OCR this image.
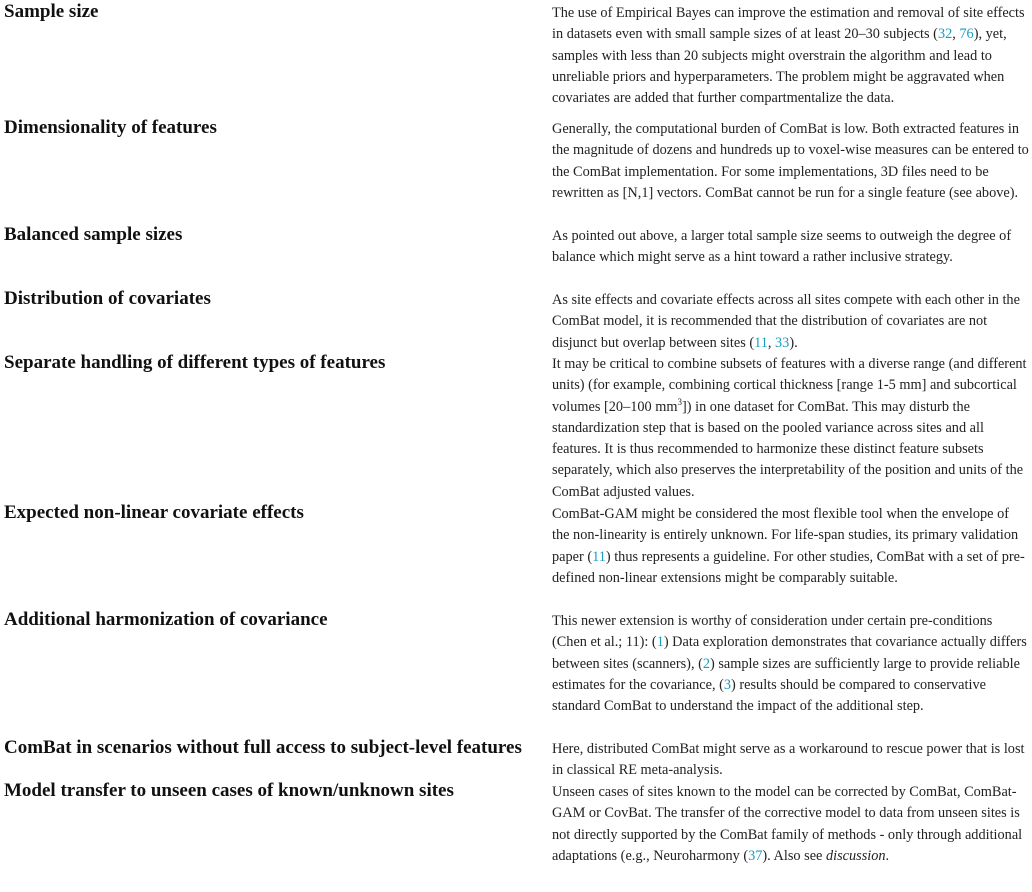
Sample size	The use of Empirical Bayes can improve the estimation and removal of site effects in datasets even with small sample sizes of at least 20–30 subjects (32, 76), yet, samples with less than 20 subjects might overstrain the algorithm and lead to unreliable priors and hyperparameters. The problem might be aggravated when covariates are added that further compartmentalize the data.
Dimensionality of features	Generally, the computational burden of ComBat is low. Both extracted features in the magnitude of dozens and hundreds up to voxel-wise measures can be entered to the ComBat implementation. For some implementations, 3D files need to be rewritten as [N,1] vectors. ComBat cannot be run for a single feature (see above).
Balanced sample sizes	As pointed out above, a larger total sample size seems to outweigh the degree of balance which might serve as a hint toward a rather inclusive strategy.
Distribution of covariates	As site effects and covariate effects across all sites compete with each other in the ComBat model, it is recommended that the distribution of covariates are not disjunct but overlap between sites (11, 33).
Separate handling of different types of features	It may be critical to combine subsets of features with a diverse range (and different units) (for example, combining cortical thickness [range 1-5 mm] and subcortical volumes [20–100 $mm^3$]) in one dataset for ComBat. This may disturb the standardization step that is based on the pooled variance across sites and all features. It is thus recommended to harmonize these distinct feature subsets separately, which also preserves the interpretability of the position and units of the ComBat adjusted values.
Expected non-linear covariate effects	ComBat-GAM might be considered the most flexible tool when the envelope of the non-linearity is entirely unknown. For life-span studies, its primary validation paper (11) thus represents a guideline. For other studies, ComBat with a set of pre-defined non-linear extensions might be comparably suitable.
Additional harmonization of covariance	This newer extension is worthy of consideration under certain pre-conditions (Chen et al.; 11): (1) Data exploration demonstrates that covariance actually differs between sites (scanners), (2) sample sizes are sufficiently large to provide reliable estimates for the covariance, (3) results should be compared to conservative standard ComBat to understand the impact of the additional step.
ComBat in scenarios without full access to subject-level features	Here, distributed ComBat might serve as a workaround to rescue power that is lost in classical RE meta-analysis.
Model transfer to unseen cases of known/unknown sites	Unseen cases of sites known to the model can be corrected by ComBat, ComBat-GAM or CovBat. The transfer of the corrective model to data from unseen sites is not directly supported by the ComBat family of methods - only through additional adaptations (e.g., Neuroharmony (37). Also see discussion.
